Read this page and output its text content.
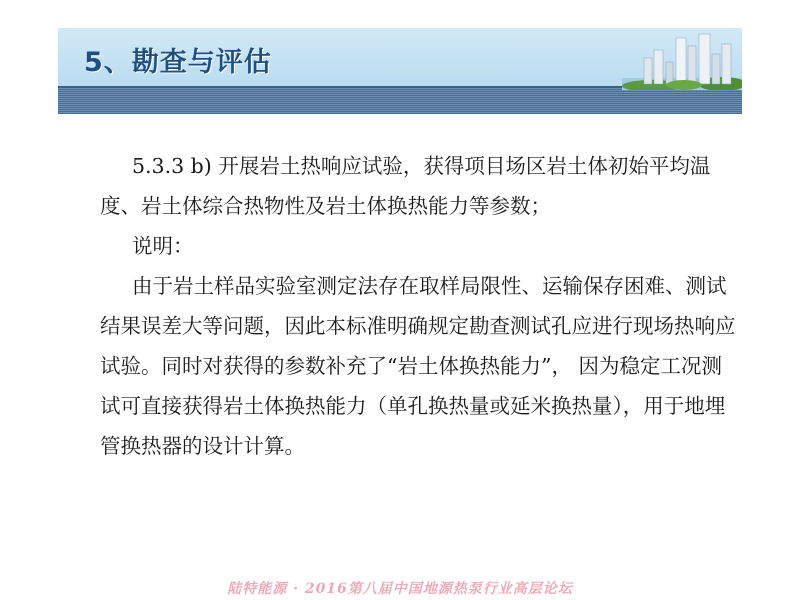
5、勘查与评估

5.3.3 b) 开展岩土热响应试验，获得项目场区岩土体初始平均温度、岩土体综合热物性及岩土体换热能力等参数；

说明：

由于岩土样品实验室测定法存在取样局限性、运输保存困难、测试结果误差大等问题，因此本标准明确规定勘查测试孔应进行现场热响应试验。同时对获得的参数补充了“岩土体换热能力”， 因为稳定工况测试可直接获得岩土体换热能力（单孔换热量或延米换热量），用于地埋管换热器的设计计算。

陆特能源 · 2016第八届中国地源热泵行业高层论坛
